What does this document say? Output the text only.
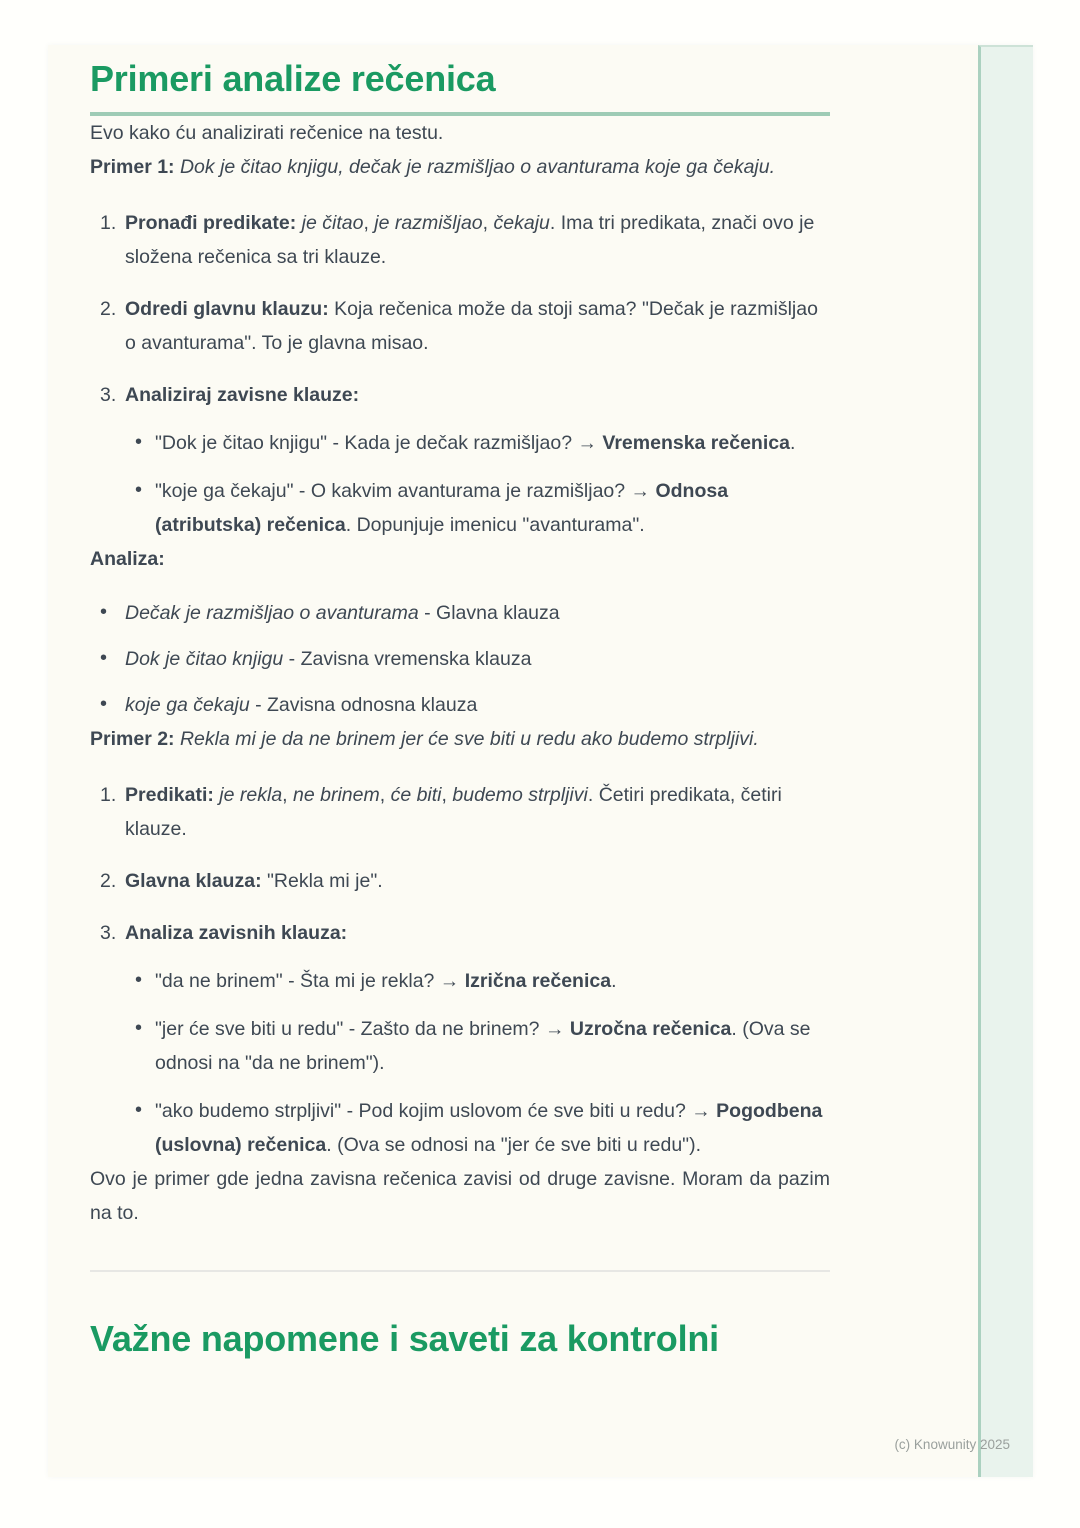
Primeri analize rečenica

Evo kako ću analizirati rečenice na testu.

Primer 1: Dok je čitao knjigu, dečak je razmišljao o avanturama koje ga čekaju.

Pronađi predikate: je čitao, je razmišljao, čekaju. Ima tri predikata, znači ovo je složena rečenica sa tri klauze.
Odredi glavnu klauzu: Koja rečenica može da stoji sama? "Dečak je razmišljao o avanturama". To je glavna misao.
Analiziraj zavisne klauze:
• "Dok je čitao knjigu" - Kada je dečak razmišljao? → Vremenska rečenica.
• "koje ga čekaju" - O kakvim avanturama je razmišljao? → Odnosa (atributska) rečenica. Dopunjuje imenicu "avanturama".

Analiza:

• Dečak je razmišljao o avanturama - Glavna klauza
• Dok je čitao knjigu - Zavisna vremenska klauza
• koje ga čekaju - Zavisna odnosna klauza

Primer 2: Rekla mi je da ne brinem jer će sve biti u redu ako budemo strpljivi.

Predikati: je rekla, ne brinem, će biti, budemo strpljivi. Četiri predikata, četiri klauze.
Glavna klauza: "Rekla mi je".
Analiza zavisnih klauza:
• "da ne brinem" - Šta mi je rekla? → Izrična rečenica.
• "jer će sve biti u redu" - Zašto da ne brinem? → Uzročna rečenica. (Ova se odnosi na "da ne brinem").
• "ako budemo strpljivi" - Pod kojim uslovom će sve biti u redu? → Pogodbena (uslovna) rečenica. (Ova se odnosi na "jer će sve biti u redu").

Ovo je primer gde jedna zavisna rečenica zavisi od druge zavisne. Moram da pazim na to.

Važne napomene i saveti za kontrolni
(c) Knowunity 2025
